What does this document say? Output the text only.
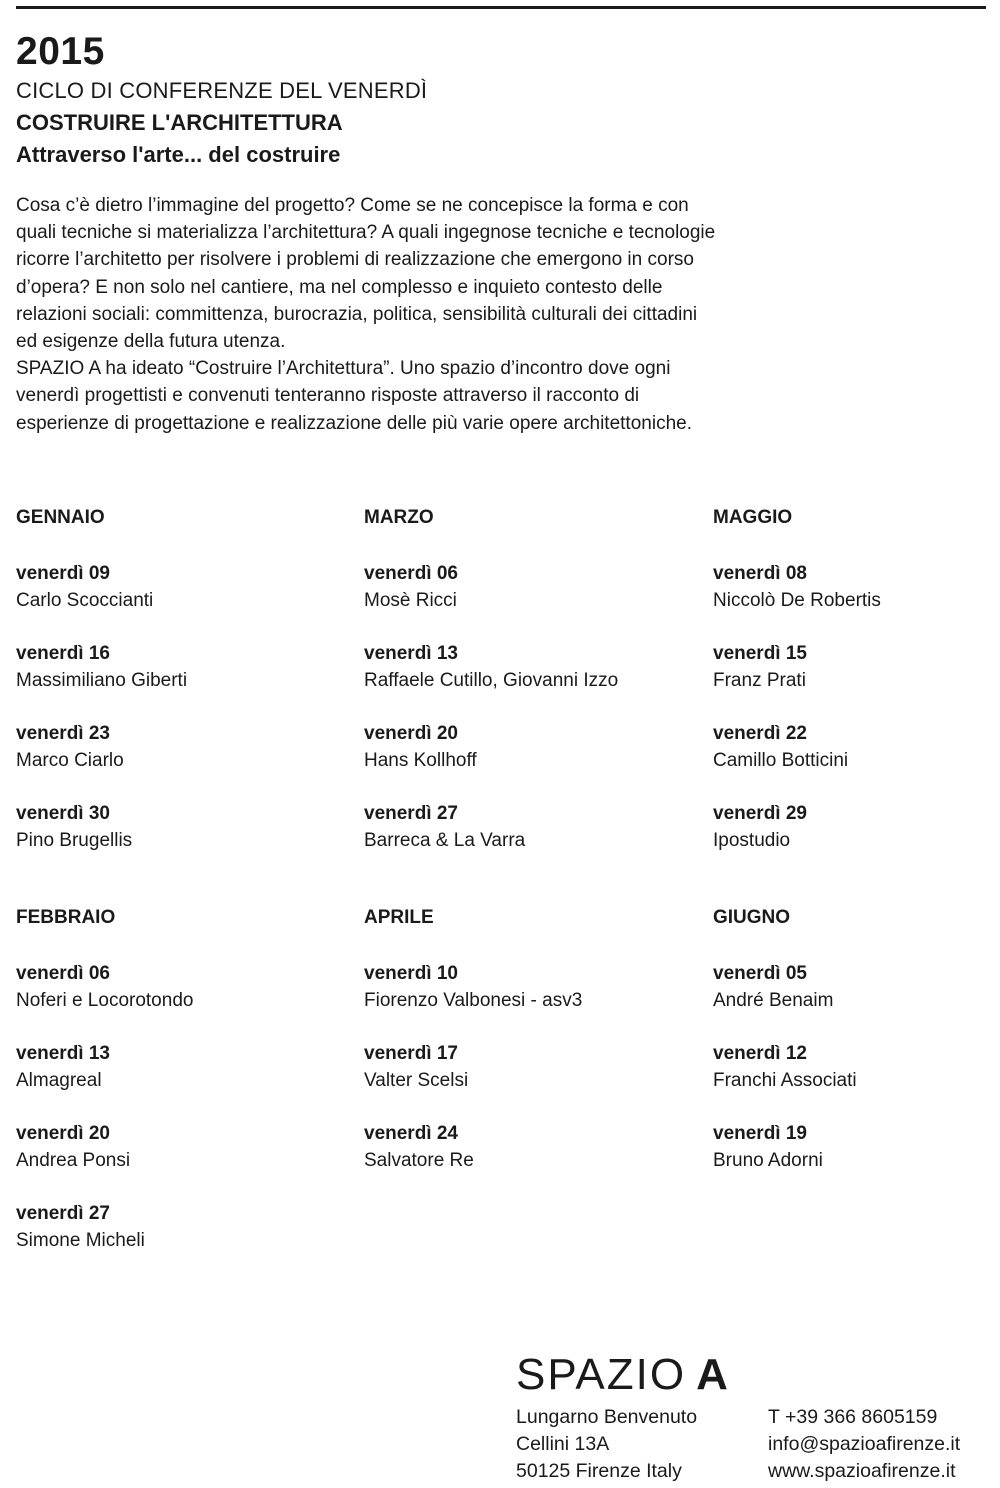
2015
CICLO DI CONFERENZE DEL VENERDÌ
COSTRUIRE L'ARCHITETTURA
Attraverso l'arte... del costruire

Cosa c’è dietro l’immagine del progetto? Come se ne concepisce la forma e con
quali tecniche si materializza l’architettura? A quali ingegnose tecniche e tecnologie
ricorre l’architetto per risolvere i problemi di realizzazione che emergono in corso
d’opera? E non solo nel cantiere, ma nel complesso e inquieto contesto delle
relazioni sociali: committenza, burocrazia, politica, sensibilità culturali dei cittadini
ed esigenze della futura utenza.

SPAZIO A ha ideato “Costruire l’Architettura”. Uno spazio d’incontro dove ogni
venerdì progettisti e convenuti tenteranno risposte attraverso il racconto di
esperienze di progettazione e realizzazione delle più varie opere architettoniche.

GENNAIO
venerdì 09
Carlo Scoccianti
venerdì 16
Massimiliano Giberti
venerdì 23
Marco Ciarlo
venerdì 30
Pino Brugellis
MARZO
venerdì 06
Mosè Ricci
venerdì 13
Raffaele Cutillo, Giovanni Izzo
venerdì 20
Hans Kollhoff
venerdì 27
Barreca & La Varra
MAGGIO
venerdì 08
Niccolò De Robertis
venerdì 15
Franz Prati
venerdì 22
Camillo Botticini
venerdì 29
Ipostudio
FEBBRAIO
venerdì 06
Noferi e Locorotondo
venerdì 13
Almagreal
venerdì 20
Andrea Ponsi
venerdì 27
Simone Micheli
APRILE
venerdì 10
Fiorenzo Valbonesi - asv3
venerdì 17
Valter Scelsi
venerdì 24
Salvatore Re
GIUGNO
venerdì 05
André Benaim
venerdì 12
Franchi Associati
venerdì 19
Bruno Adorni
SPAZIO A
Lungarno Benvenuto
Cellini 13A
50125 Firenze Italy
T +39 366 8605159
info@spazioafirenze.it
www.spazioafirenze.it
